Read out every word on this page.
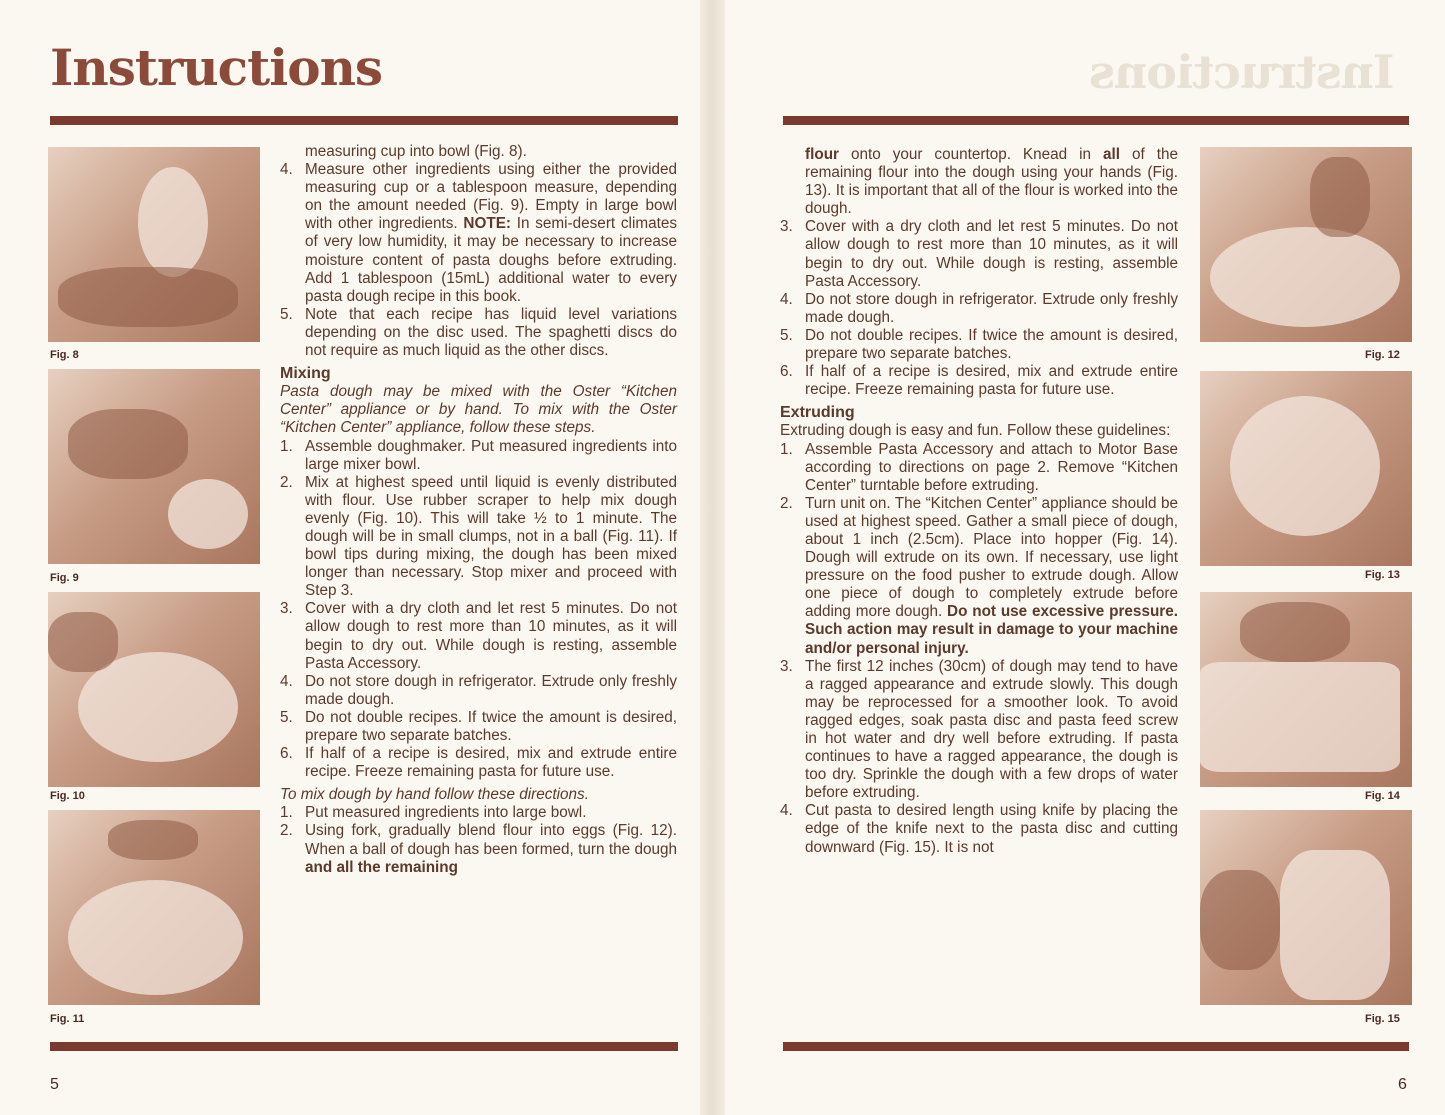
Instructions
Fig. 8
Fig. 9
Fig. 10
Fig. 11

measuring cup into bowl (Fig. 8).

4. Measure other ingredients using either the provided measuring cup or a tablespoon measure, depending on the amount needed (Fig. 9). Empty in large bowl with other ingredients. NOTE: In semi-desert climates of very low humidity, it may be necessary to increase moisture content of pasta doughs before extruding. Add 1 tablespoon (15mL) additional water to every pasta dough recipe in this book.
5. Note that each recipe has liquid level variations depending on the disc used. The spaghetti discs do not require as much liquid as the other discs.

Mixing

Pasta dough may be mixed with the Oster “Kitchen Center” appliance or by hand. To mix with the Oster “Kitchen Center” appliance, follow these steps.

1. Assemble doughmaker. Put measured ingredients into large mixer bowl.
2. Mix at highest speed until liquid is evenly distributed with flour. Use rubber scraper to help mix dough evenly (Fig. 10). This will take ½ to 1 minute. The dough will be in small clumps, not in a ball (Fig. 11). If bowl tips during mixing, the dough has been mixed longer than necessary. Stop mixer and proceed with Step 3.
3. Cover with a dry cloth and let rest 5 minutes. Do not allow dough to rest more than 10 minutes, as it will begin to dry out. While dough is resting, assemble Pasta Accessory.
4. Do not store dough in refrigerator. Extrude only freshly made dough.
5. Do not double recipes. If twice the amount is desired, prepare two separate batches.
6. If half of a recipe is desired, mix and extrude entire recipe. Freeze remaining pasta for future use.

To mix dough by hand follow these directions.

1. Put measured ingredients into large bowl.
2. Using fork, gradually blend flour into eggs (Fig. 12). When a ball of dough has been formed, turn the dough and all the remaining
5
Instructions

flour onto your countertop. Knead in all of the remaining flour into the dough using your hands (Fig. 13). It is important that all of the flour is worked into the dough.

3. Cover with a dry cloth and let rest 5 minutes. Do not allow dough to rest more than 10 minutes, as it will begin to dry out. While dough is resting, assemble Pasta Accessory.
4. Do not store dough in refrigerator. Extrude only freshly made dough.
5. Do not double recipes. If twice the amount is desired, prepare two separate batches.
6. If half of a recipe is desired, mix and extrude entire recipe. Freeze remaining pasta for future use.

Extruding

Extruding dough is easy and fun. Follow these guidelines:

1. Assemble Pasta Accessory and attach to Motor Base according to directions on page 2. Remove “Kitchen Center” turntable before extruding.
2. Turn unit on. The “Kitchen Center” appliance should be used at highest speed. Gather a small piece of dough, about 1 inch (2.5cm). Place into hopper (Fig. 14). Dough will extrude on its own. If necessary, use light pressure on the food pusher to extrude dough. Allow one piece of dough to completely extrude before adding more dough. Do not use excessive pressure. Such action may result in damage to your machine and/or personal injury.
3. The first 12 inches (30cm) of dough may tend to have a ragged appearance and extrude slowly. This dough may be reprocessed for a smoother look. To avoid ragged edges, soak pasta disc and pasta feed screw in hot water and dry well before extruding. If pasta continues to have a ragged appearance, the dough is too dry. Sprinkle the dough with a few drops of water before extruding.
4. Cut pasta to desired length using knife by placing the edge of the knife next to the pasta disc and cutting downward (Fig. 15). It is not
Fig. 12
Fig. 13
Fig. 14
Fig. 15
6
